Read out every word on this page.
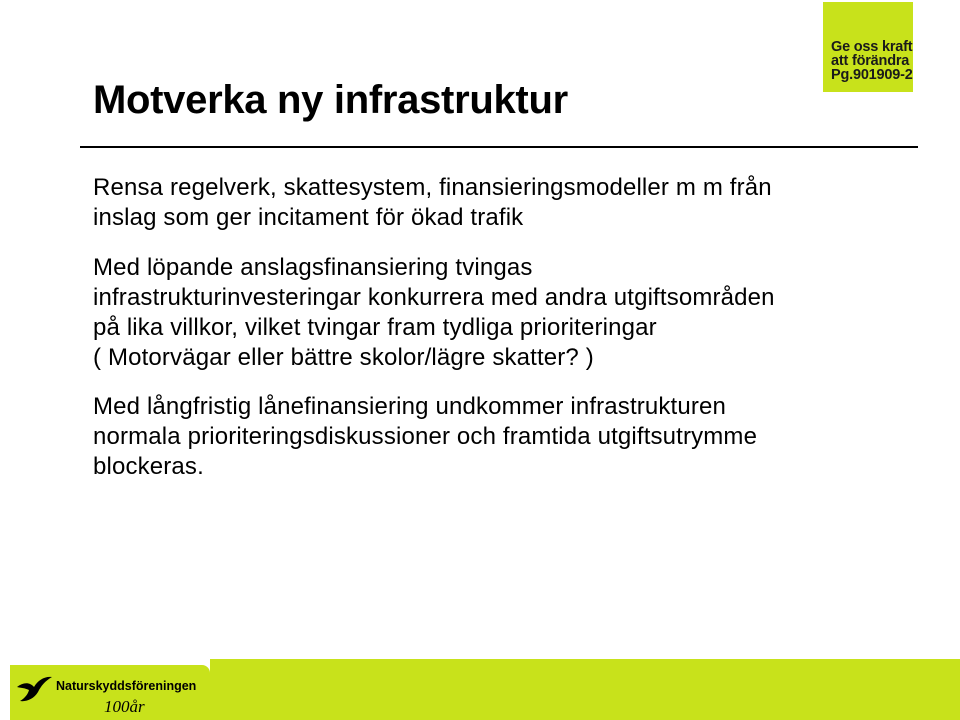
Ge oss kraft
att förändra
Pg.901909-2
Motverka ny infrastruktur

Rensa regelverk, skattesystem, finansieringsmodeller m m från
inslag som ger incitament för ökad trafik

Med löpande anslagsfinansiering tvingas
infrastrukturinvesteringar konkurrera med andra utgiftsområden
på lika villkor, vilket tvingar fram tydliga prioriteringar
( Motorvägar eller bättre skolor/lägre skatter? )

Med långfristig lånefinansiering undkommer infrastrukturen
normala prioriteringsdiskussioner och framtida utgiftsutrymme
blockeras.

Naturskyddsföreningen
100år
